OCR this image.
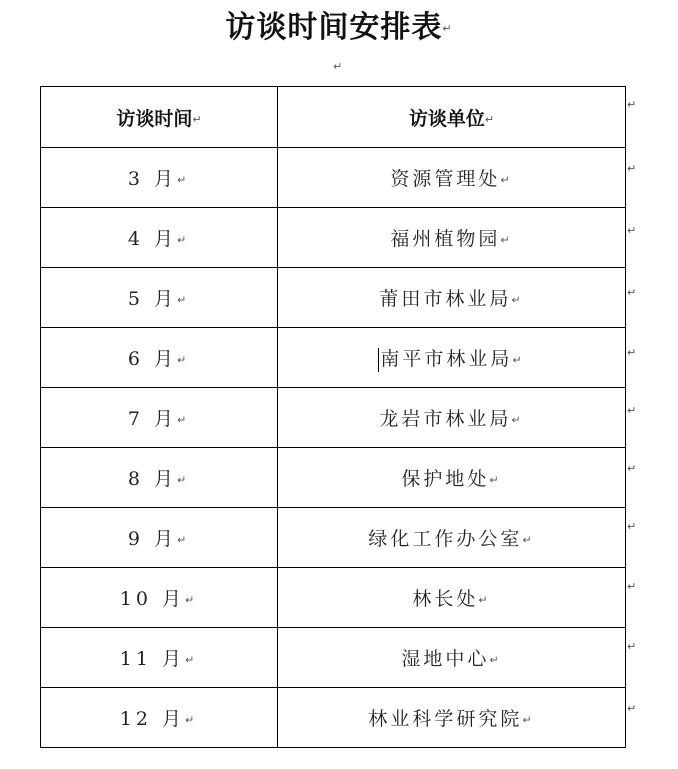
访谈时间安排表↵
↵
访谈时间↵	访谈单位↵
3 月↵	资源管理处↵
4 月↵	福州植物园↵
5 月↵	莆田市林业局↵
6 月↵	南平市林业局↵
7 月↵	龙岩市林业局↵
8 月↵	保护地处↵
9 月↵	绿化工作办公室↵
10 月↵	林长处↵
11 月↵	湿地中心↵
12 月↵	林业科学研究院↵
↵
↵
↵
↵
↵
↵
↵
↵
↵
↵
↵
